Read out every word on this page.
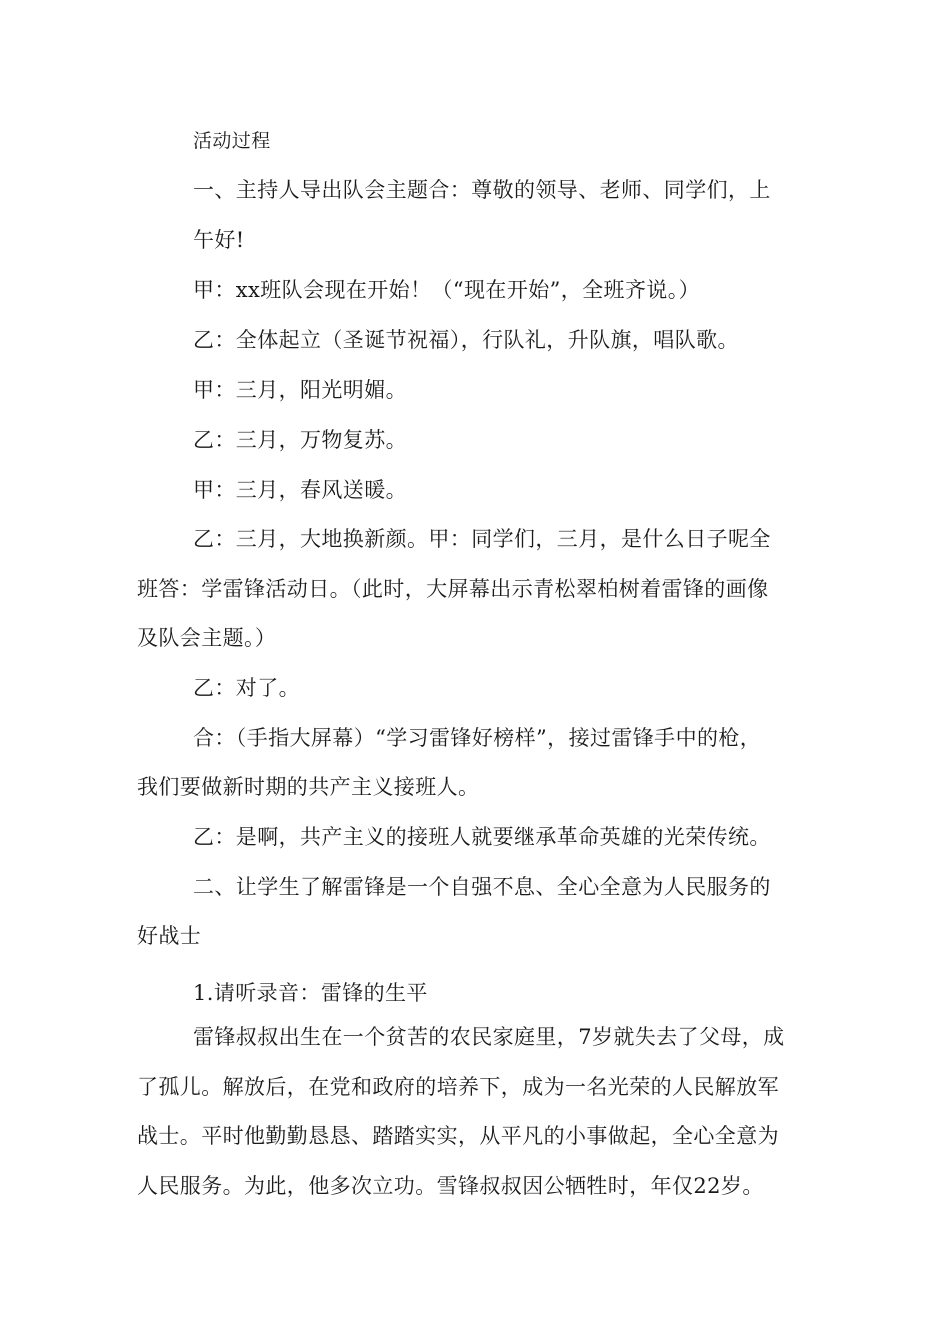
活动过程
一、主持人导出队会主题合：尊敬的领导、老师、同学们，上
午好!
甲：xx班队会现在开始！（“现在开始”，全班齐说。）
乙：全体起立（圣诞节祝福），行队礼，升队旗，唱队歌。
甲：三月，阳光明媚。
乙：三月，万物复苏。
甲：三月，春风送暖。
乙：三月，大地换新颜。甲：同学们，三月，是什么日子呢全
班答：学雷锋活动日。（此时，大屏幕出示青松翠柏树着雷锋的画像
及队会主题。）
乙：对了。
合：（手指大屏幕）“学习雷锋好榜样”，接过雷锋手中的枪，
我们要做新时期的共产主义接班人。
乙：是啊，共产主义的接班人就要继承革命英雄的光荣传统。
二、让学生了解雷锋是一个自强不息、全心全意为人民服务的
好战士
1.请听录音：雷锋的生平
雷锋叔叔出生在一个贫苦的农民家庭里，7岁就失去了父母，成
了孤儿。解放后，在党和政府的培养下，成为一名光荣的人民解放军
战士。平时他勤勤恳恳、踏踏实实，从平凡的小事做起，全心全意为
人民服务。为此，他多次立功。雪锋叔叔因公牺牲时，年仅22岁。
